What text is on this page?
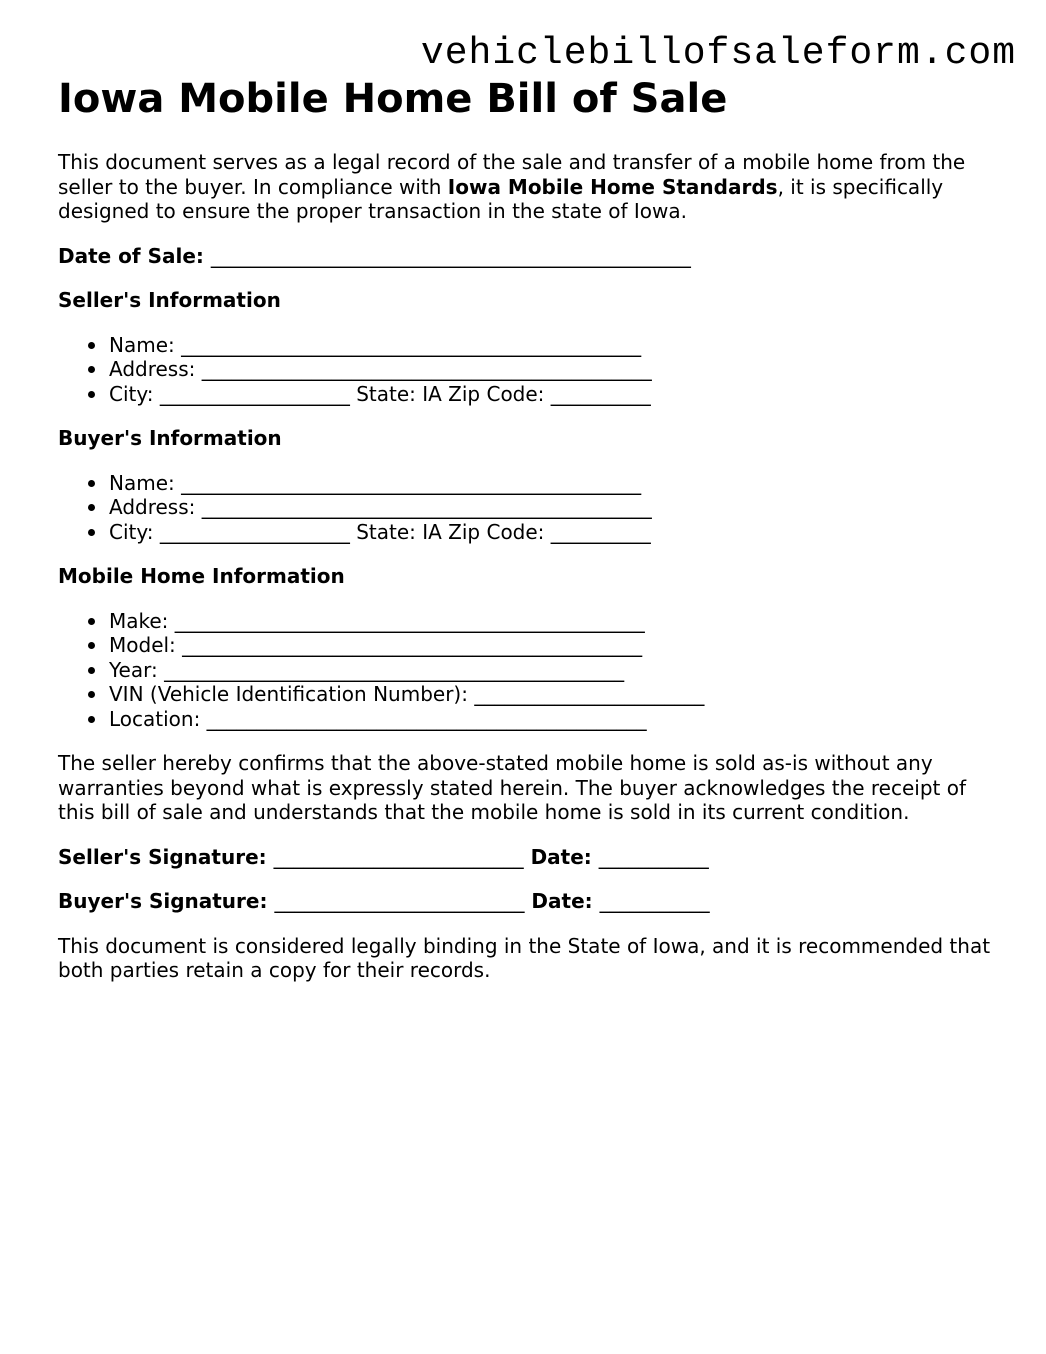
vehiclebillofsaleform.com
Iowa Mobile Home Bill of Sale

This document serves as a legal record of the sale and transfer of a mobile home from the seller to the buyer. In compliance with Iowa Mobile Home Standards, it is specifically designed to ensure the proper transaction in the state of Iowa.

Date of Sale: ________________________________________________
Seller's Information
Name: ______________________________________________
Address: _____________________________________________
City: ___________________ State: IA Zip Code: __________
Buyer's Information
Name: ______________________________________________
Address: _____________________________________________
City: ___________________ State: IA Zip Code: __________
Mobile Home Information
Make: _______________________________________________
Model: ______________________________________________
Year: ______________________________________________
VIN (Vehicle Identification Number): _______________________
Location: ____________________________________________

The seller hereby confirms that the above-stated mobile home is sold as-is without any warranties beyond what is expressly stated herein. The buyer acknowledges the receipt of this bill of sale and understands that the mobile home is sold in its current condition.

Seller's Signature: _________________________ Date: ___________
Buyer's Signature: _________________________ Date: ___________

This document is considered legally binding in the State of Iowa, and it is recommended that both parties retain a copy for their records.
